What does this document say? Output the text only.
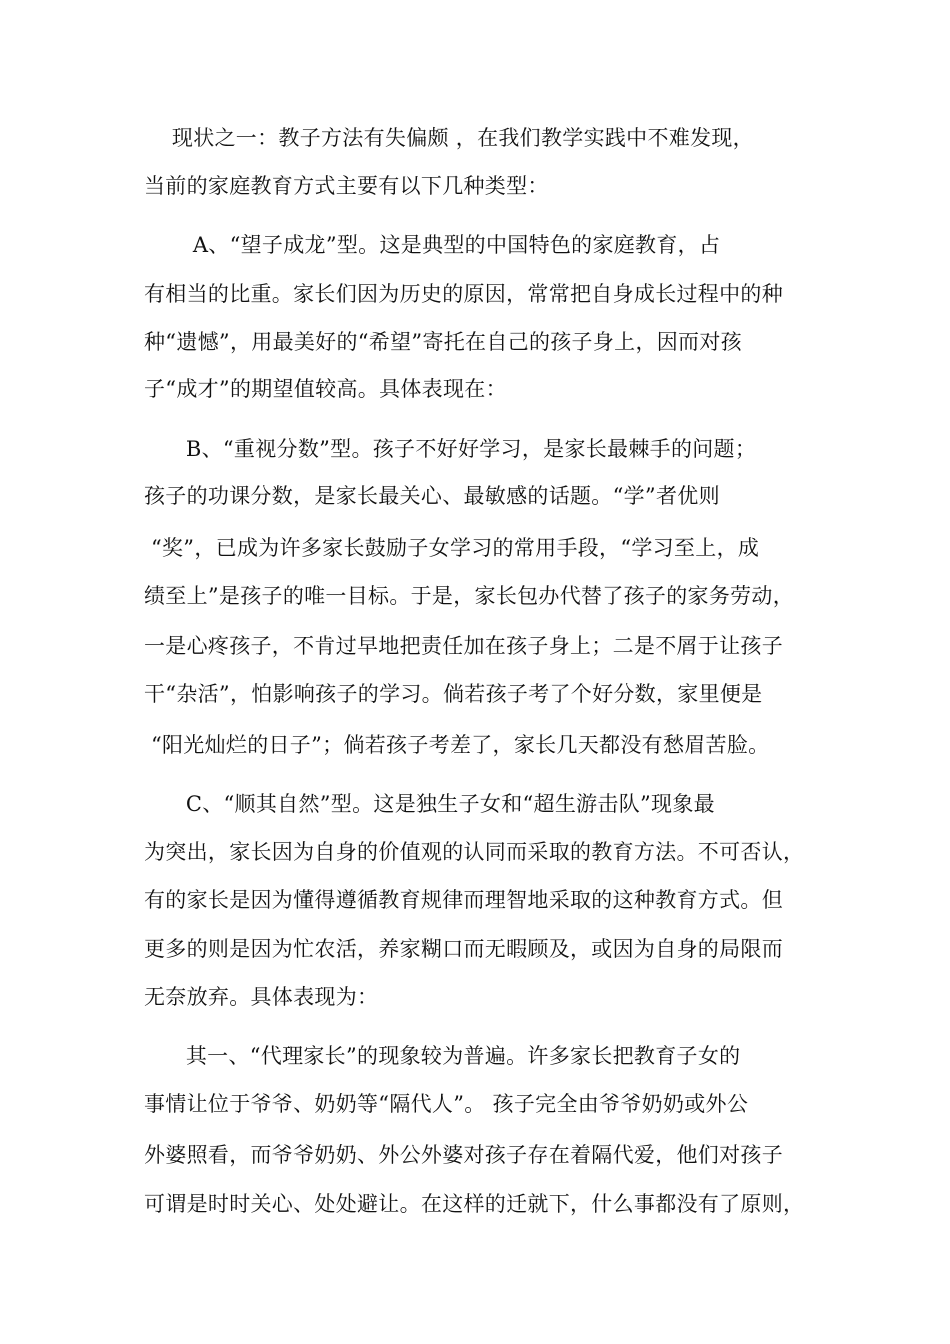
现状之一：教子方法有失偏颇 ，在我们教学实践中不难发现，
当前的家庭教育方式主要有以下几种类型：
A、“望子成龙”型。这是典型的中国特色的家庭教育，占
有相当的比重。家长们因为历史的原因，常常把自身成长过程中的种
种“遗憾”，用最美好的“希望”寄托在自己的孩子身上，因而对孩
子“成才”的期望值较高。具体表现在：
B、“重视分数”型。孩子不好好学习，是家长最棘手的问题；
孩子的功课分数，是家长最关心、最敏感的话题。“学”者优则
“奖”，已成为许多家长鼓励子女学习的常用手段，“学习至上，成
绩至上”是孩子的唯一目标。于是，家长包办代替了孩子的家务劳动，
一是心疼孩子，不肯过早地把责任加在孩子身上；二是不屑于让孩子
干“杂活”，怕影响孩子的学习。倘若孩子考了个好分数，家里便是
“阳光灿烂的日子”；倘若孩子考差了，家长几天都没有愁眉苦脸。
C、“顺其自然”型。这是独生子女和“超生游击队”现象最
为突出，家长因为自身的价值观的认同而采取的教育方法。不可否认，
有的家长是因为懂得遵循教育规律而理智地采取的这种教育方式。但
更多的则是因为忙农活，养家糊口而无暇顾及，或因为自身的局限而
无奈放弃。具体表现为：
其一、“代理家长”的现象较为普遍。许多家长把教育子女的
事情让位于爷爷、奶奶等“隔代人”。 孩子完全由爷爷奶奶或外公
外婆照看，而爷爷奶奶、外公外婆对孩子存在着隔代爱，他们对孩子
可谓是时时关心、处处避让。在这样的迁就下，什么事都没有了原则，
